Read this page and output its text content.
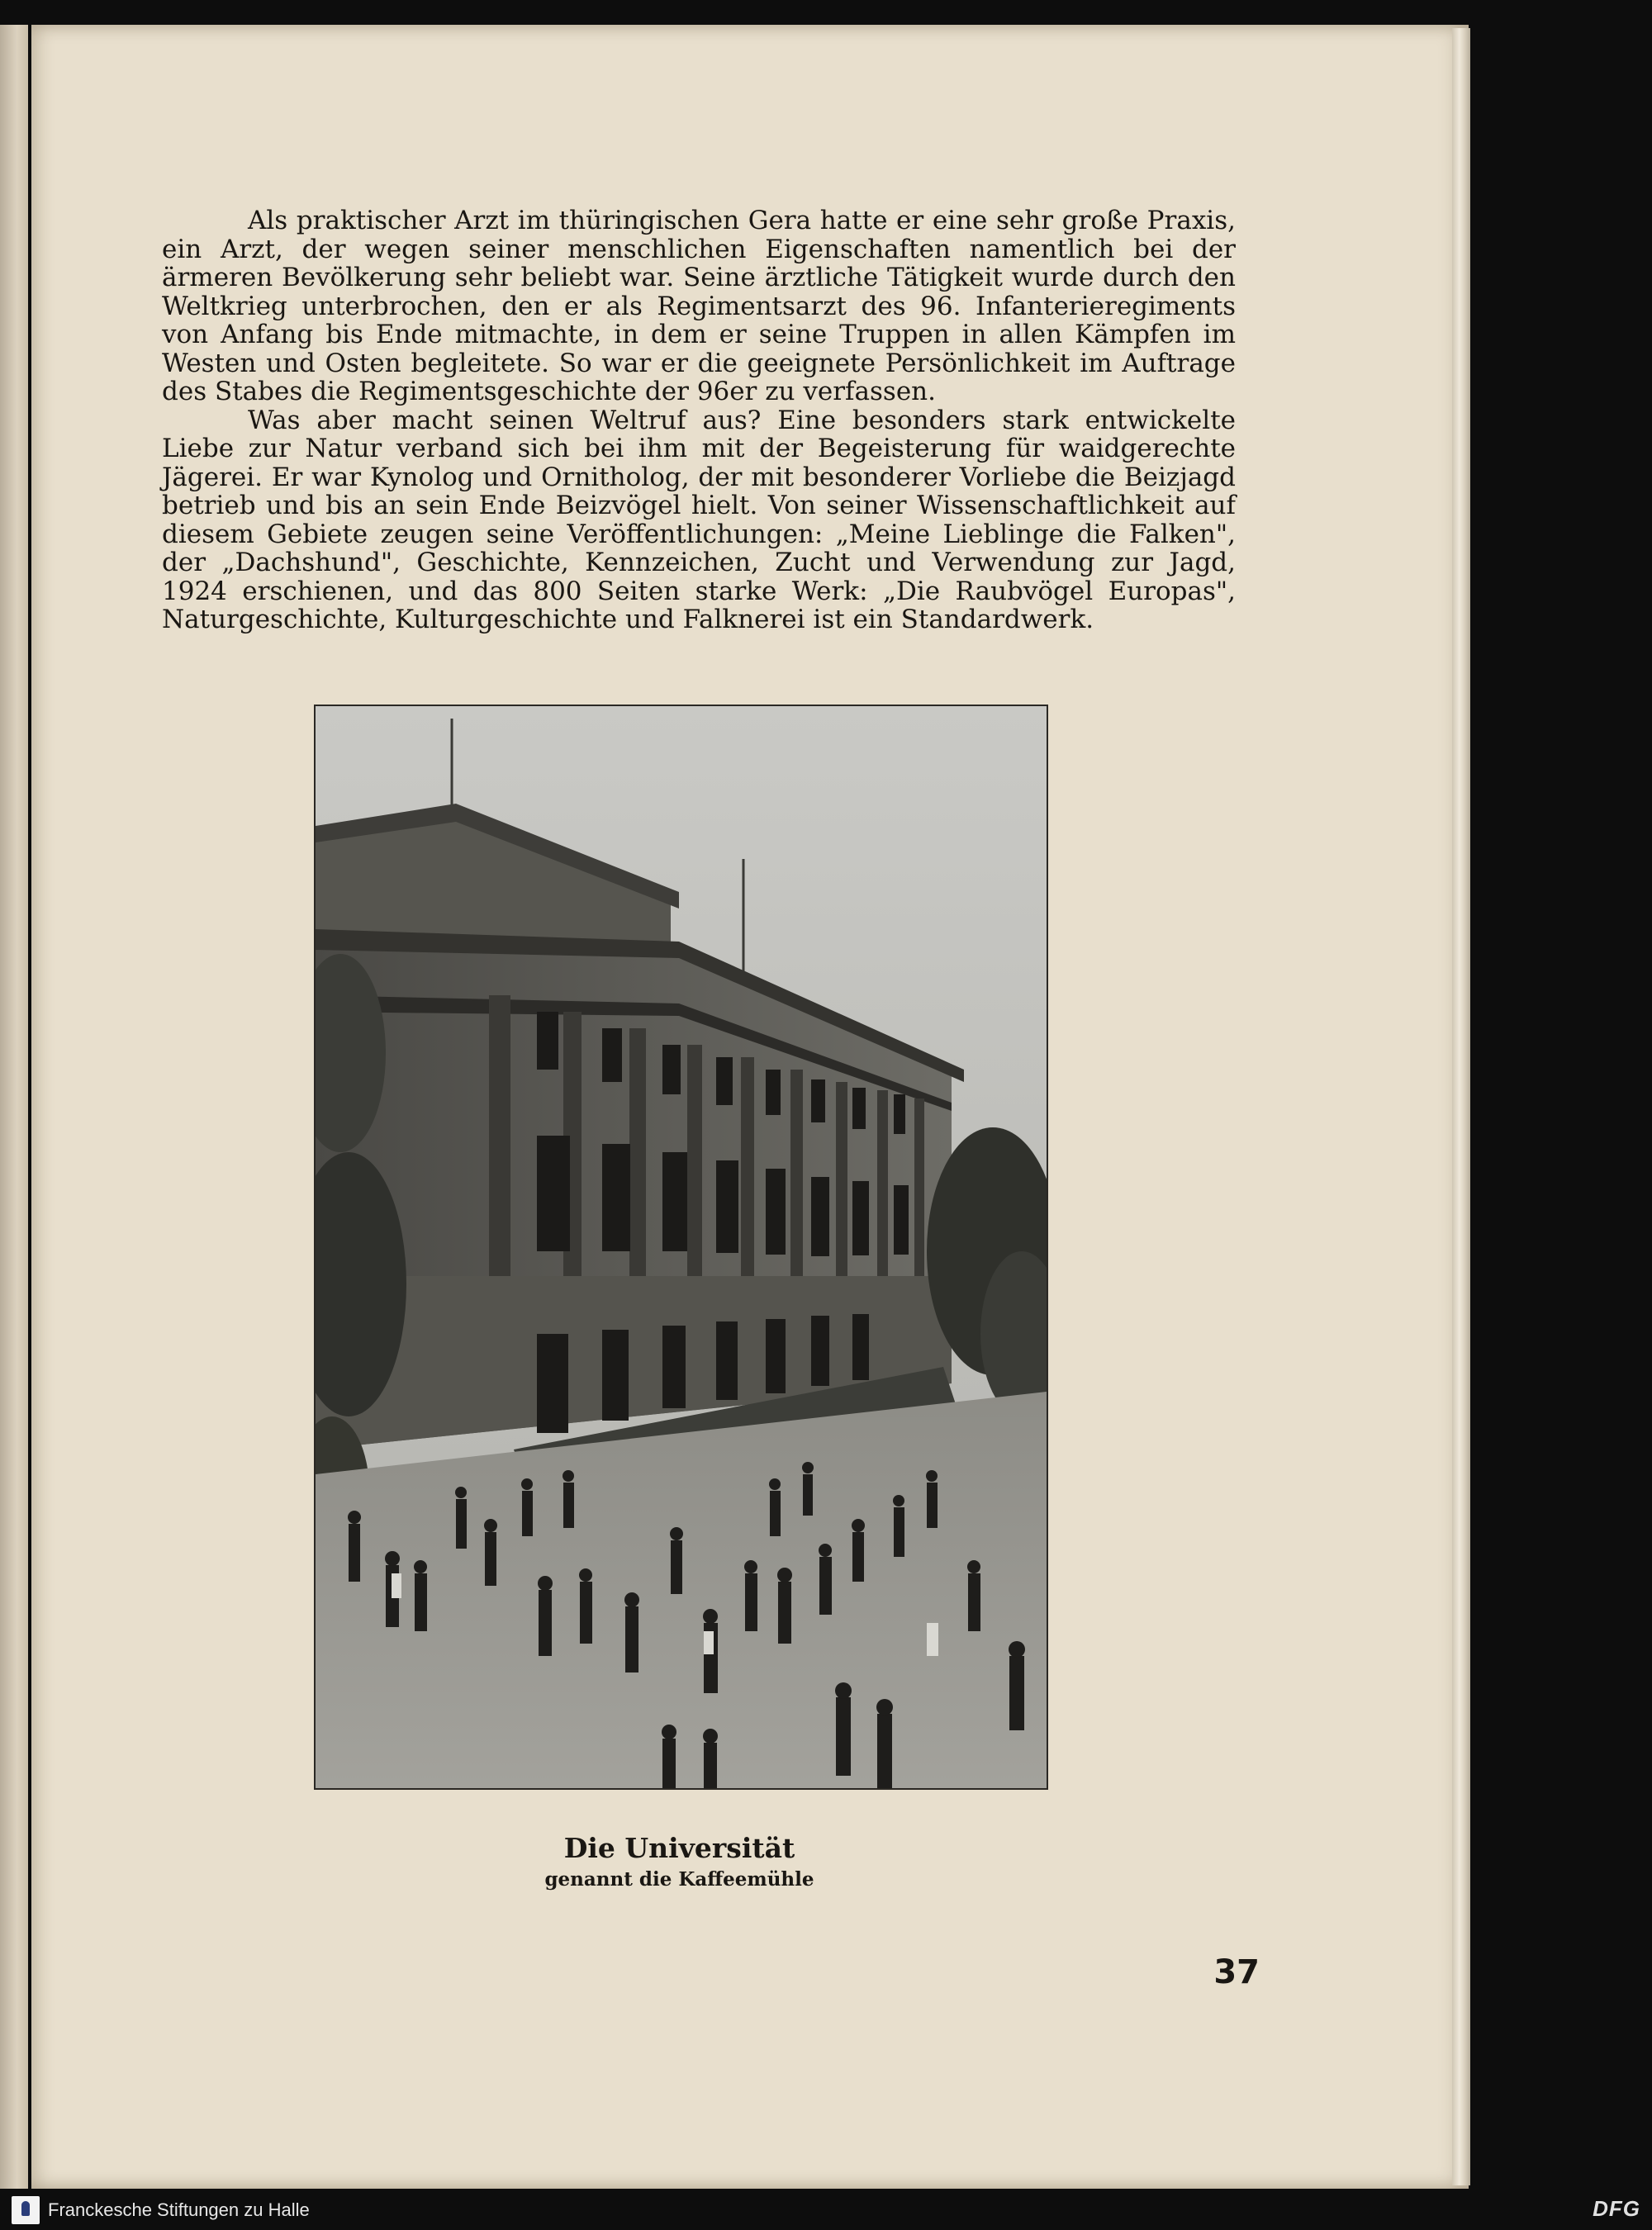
Als praktischer Arzt im thüringischen Gera hatte er eine sehr große Praxis, ein Arzt, der wegen seiner menschlichen Eigenschaften namentlich bei der ärmeren Bevölkerung sehr beliebt war. Seine ärztliche Tätigkeit wurde durch den Weltkrieg unterbrochen, den er als Regimentsarzt des 96. Infanterieregiments von Anfang bis Ende mitmachte, in dem er seine Truppen in allen Kämpfen im Westen und Osten begleitete. So war er die geeignete Persönlichkeit im Auftrage des Stabes die Regimentsgeschichte der 96er zu verfassen.

Was aber macht seinen Weltruf aus? Eine besonders stark entwickelte Liebe zur Natur verband sich bei ihm mit der Begeisterung für waidgerechte Jägerei. Er war Kynolog und Ornitholog, der mit besonderer Vorliebe die Beizjagd betrieb und bis an sein Ende Beizvögel hielt. Von seiner Wissenschaftlichkeit auf diesem Gebiete zeugen seine Veröffentlichungen: „Meine Lieblinge die Falken", der „Dachshund", Geschichte, Kennzeichen, Zucht und Verwendung zur Jagd, 1924 erschienen, und das 800 Seiten starke Werk: „Die Raubvögel Europas", Naturgeschichte, Kulturgeschichte und Falknerei ist ein Standardwerk.

Die Universität
genannt die Kaffeemühle
37
Franckesche Stiftungen zu Halle	DFG
